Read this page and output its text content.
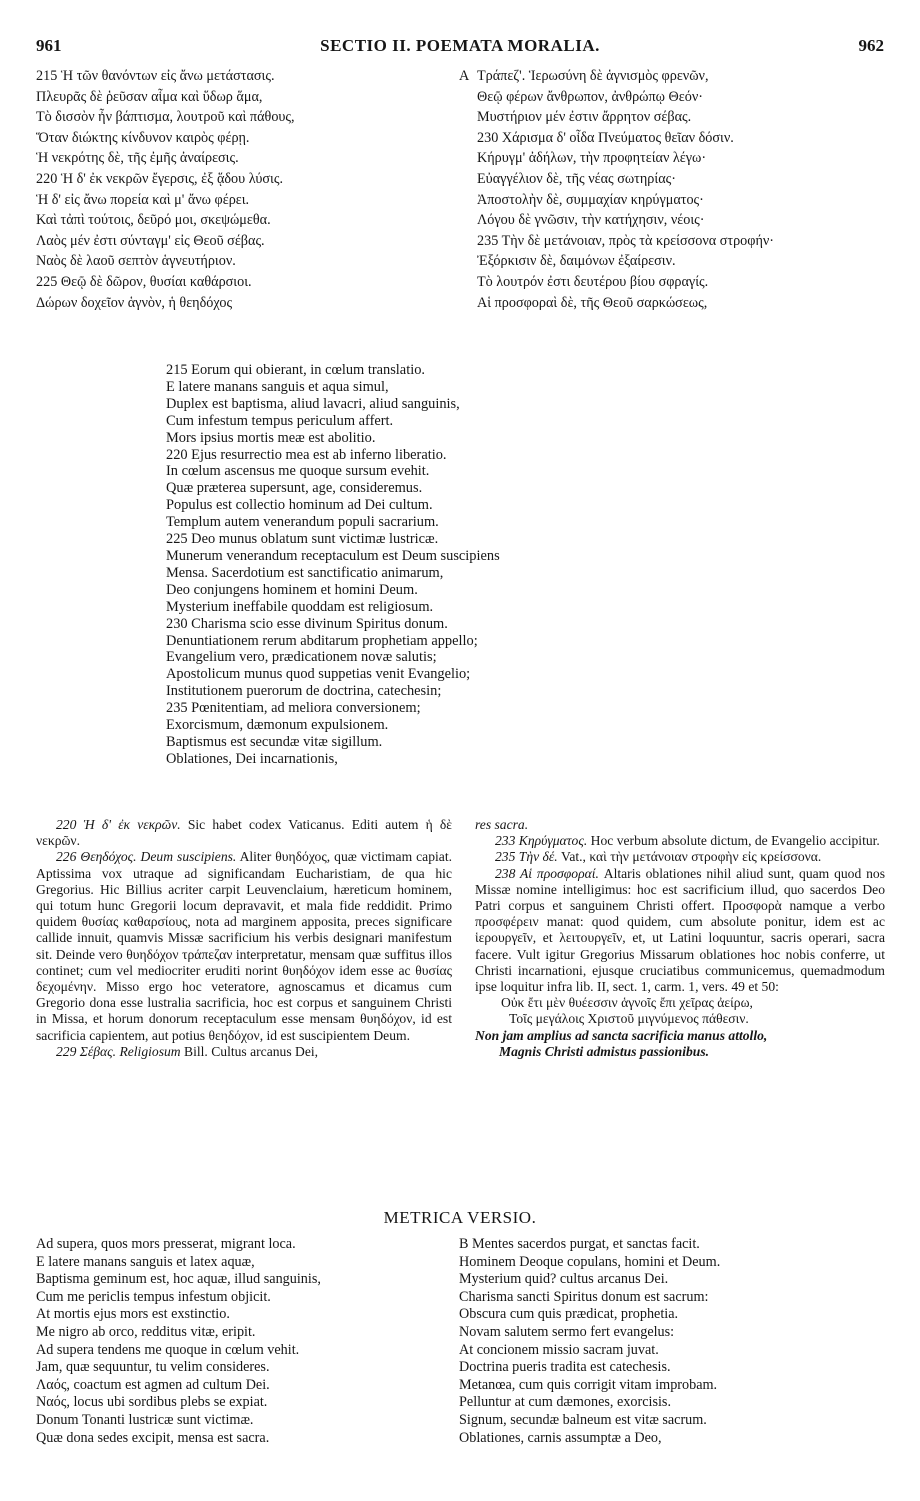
961	SECTIO II. POEMATA MORALIA.	962
215 Ἡ τῶν θανόντων εἰς ἄνω μετάστασις.
Πλευρᾶς δὲ ῥεῦσαν αἷμα καὶ ὕδωρ ἅμα,
Τὸ δισσὸν ἦν βάπτισμα, λουτροῦ καὶ πάθους,
Ὅταν διώκτης κίνδυνον καιρὸς φέρῃ.
Ἡ νεκρότης δὲ, τῆς ἐμῆς ἀναίρεσις.
220 Ἡ δ' ἐκ νεκρῶν ἔγερσις, ἐξ ᾅδου λύσις.
Ἡ δ' εἰς ἄνω πορεία καὶ μ' ἄνω φέρει.
Καὶ τἀπὶ τούτοις, δεῦρό μοι, σκεψώμεθα.
Λαὸς μέν ἐστι σύνταγμ' εἰς Θεοῦ σέβας.
Ναὸς δὲ λαοῦ σεπτὸν ἁγνευτήριον.
225 Θεῷ δὲ δῶρον, θυσίαι καθάρσιοι.
Δώρων δοχεῖον ἁγνὸν, ἡ θεηδόχος
Τράπεζ'. Ἱερωσύνη δὲ ἁγνισμὸς φρενῶν,
Θεῷ φέρων ἄνθρωπον, ἀνθρώπῳ Θεόν·
Μυστήριον μέν ἐστιν ἄρρητον σέβας.
230 Χάρισμα δ' οἶδα Πνεύματος θεῖαν δόσιν.
Κήρυγμ' ἀδήλων, τὴν προφητείαν λέγω·
Εὐαγγέλιον δὲ, τῆς νέας σωτηρίας·
Ἀποστολὴν δὲ, συμμαχίαν κηρύγματος·
Λόγου δὲ γνῶσιν, τὴν κατήχησιν, νέοις·
235 Τὴν δὲ μετάνοιαν, πρὸς τὰ κρείσσονα στροφήν·
Ἐξόρκισιν δὲ, δαιμόνων ἐξαίρεσιν.
Τὸ λουτρόν ἐστι δευτέρου βίου σφραγίς.
Αἱ προσφοραὶ δὲ, τῆς Θεοῦ σαρκώσεως,
A
215 Eorum qui obierant, in cœlum translatio.
E latere manans sanguis et aqua simul,
Duplex est baptisma, aliud lavacri, aliud sanguinis,
Cum infestum tempus periculum affert.
Mors ipsius mortis meæ est abolitio.
220 Ejus resurrectio mea est ab inferno liberatio.
In cœlum ascensus me quoque sursum evehit.
Quæ præterea supersunt, age, consideremus.
Populus est collectio hominum ad Dei cultum.
Templum autem venerandum populi sacrarium.
225 Deo munus oblatum sunt victimæ lustricæ.
Munerum venerandum receptaculum est Deum suscipiens
Mensa. Sacerdotium est sanctificatio animarum,
Deo conjungens hominem et homini Deum.
Mysterium ineffabile quoddam est religiosum.
230 Charisma scio esse divinum Spiritus donum.
Denuntiationem rerum abditarum prophetiam appello;
Evangelium vero, prædicationem novæ salutis;
Apostolicum munus quod suppetias venit Evangelio;
Institutionem puerorum de doctrina, catechesin;
235 Pœnitentiam, ad meliora conversionem;
Exorcismum, dæmonum expulsionem.
Baptismus est secundæ vitæ sigillum.
Oblationes, Dei incarnationis,

220 Ἡ δ' ἐκ νεκρῶν. Sic habet codex Vaticanus. Editi autem ἡ δὲ νεκρῶν.

226 Θεηδόχος. Deum suscipiens. Aliter θυηδόχος, quæ victimam capiat. Aptissima vox utraque ad significandam Eucharistiam, de qua hic Gregorius. Hic Billius acriter carpit Leuvenclaium, hæreticum hominem, qui totum hunc Gregorii locum depravavit, et mala fide reddidit. Primo quidem θυσίας καθαρσίους, nota ad marginem apposita, preces significare callide innuit, quamvis Missæ sacrificium his verbis designari manifestum sit. Deinde vero θυηδόχον τράπεζαν interpretatur, mensam quæ suffitus illos continet; cum vel mediocriter eruditi norint θυηδόχον idem esse ac θυσίας δεχομένην. Misso ergo hoc veteratore, agnoscamus et dicamus cum Gregorio dona esse lustralia sacrificia, hoc est corpus et sanguinem Christi in Missa, et horum donorum receptaculum esse mensam θυηδόχον, id est sacrificia capientem, aut potius θεηδόχον, id est suscipientem Deum.

229 Σέβας. Religiosum Bill. Cultus arcanus Dei,

res sacra.

233 Κηρύγματος. Hoc verbum absolute dictum, de Evangelio accipitur.

235 Τὴν δέ. Vat., καὶ τὴν μετάνοιαν στροφὴν εἰς κρείσσονα.

238 Αἱ προσφοραί. Altaris oblationes nihil aliud sunt, quam quod nos Missæ nomine intelligimus: hoc est sacrificium illud, quo sacerdos Deo Patri corpus et sanguinem Christi offert. Προσφορὰ namque a verbo προσφέρειν manat: quod quidem, cum absolute ponitur, idem est ac ἱερουργεῖν, et λειτουργεῖν, et, ut Latini loquuntur, sacris operari, sacra facere. Vult igitur Gregorius Missarum oblationes hoc nobis conferre, ut Christi incarnationi, ejusque cruciatibus communicemus, quemadmodum ipse loquitur infra lib. II, sect. 1, carm. 1, vers. 49 et 50:

Οὐκ ἔτι μὲν θυέεσσιν ἁγνοῖς ἔπι χεῖρας ἀείρω,

Τοῖς μεγάλοις Χριστοῦ μιγνύμενος πάθεσιν.

Non jam amplius ad sancta sacrificia manus attollo,

Magnis Christi admistus passionibus.

METRICA VERSIO.
Ad supera, quos mors presserat, migrant loca.
E latere manans sanguis et latex aquæ,
Baptisma geminum est, hoc aquæ, illud sanguinis,
Cum me periclis tempus infestum objicit.
At mortis ejus mors est exstinctio.
Me nigro ab orco, redditus vitæ, eripit.
Ad supera tendens me quoque in cœlum vehit.
Jam, quæ sequuntur, tu velim consideres.
Λαός, coactum est agmen ad cultum Dei.
Ναός, locus ubi sordibus plebs se expiat.
Donum Tonanti lustricæ sunt victimæ.
Quæ dona sedes excipit, mensa est sacra.
B Mentes sacerdos purgat, et sanctas facit.
Hominem Deoque copulans, homini et Deum.
Mysterium quid? cultus arcanus Dei.
Charisma sancti Spiritus donum est sacrum:
Obscura cum quis prædicat, prophetia.
Novam salutem sermo fert evangelus:
At concionem missio sacram juvat.
Doctrina pueris tradita est catechesis.
Metanœa, cum quis corrigit vitam improbam.
Pelluntur at cum dæmones, exorcisis.
Signum, secundæ balneum est vitæ sacrum.
Oblationes, carnis assumptæ a Deo,
